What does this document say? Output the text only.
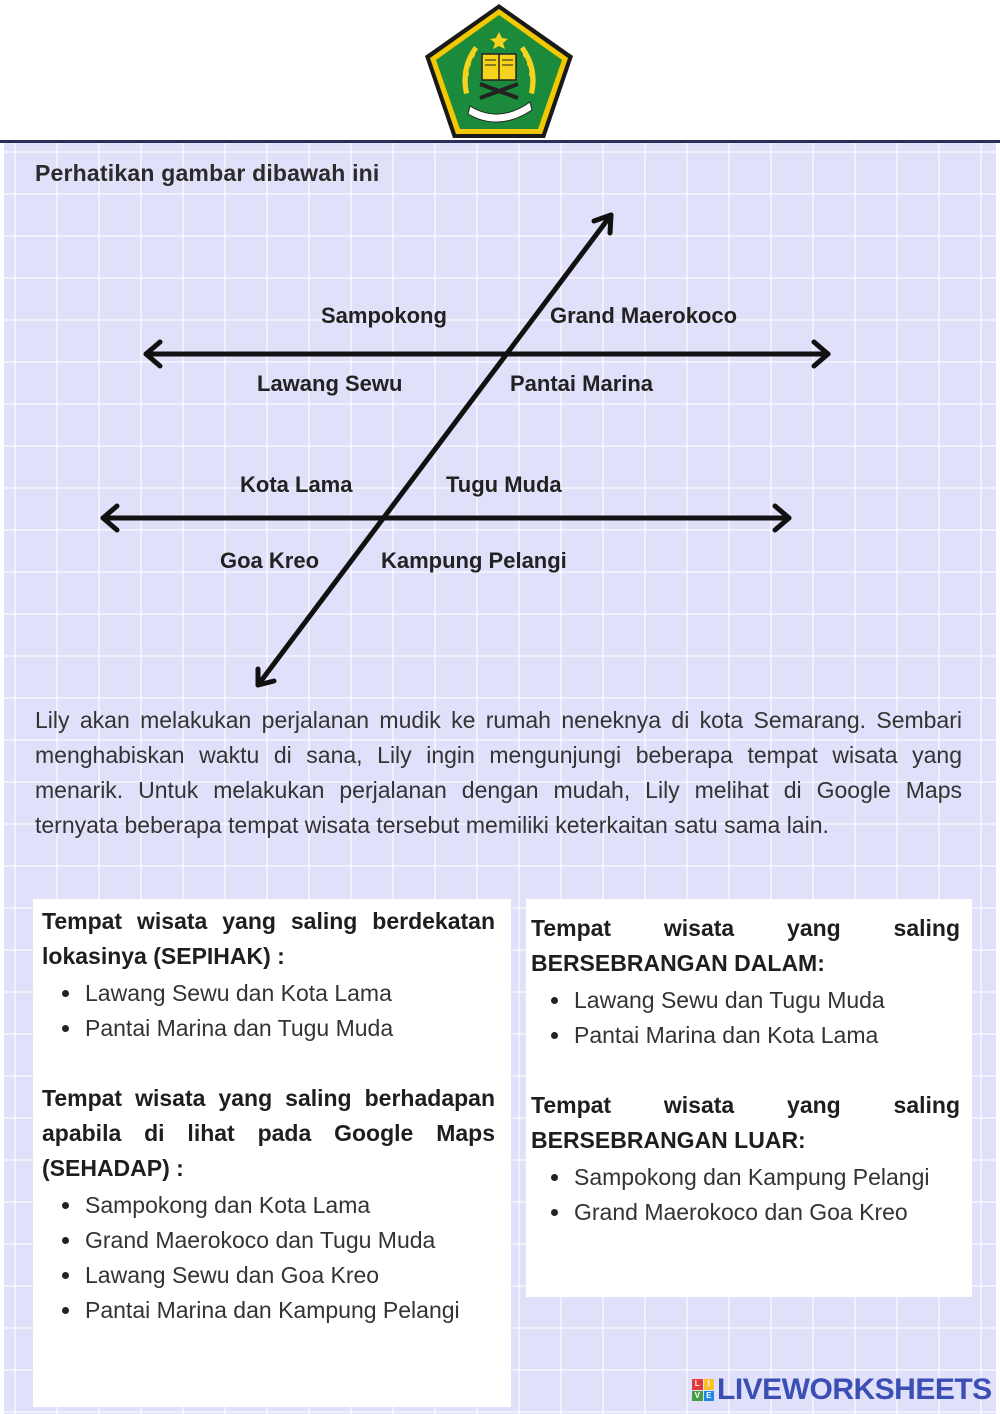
Perhatikan gambar dibawah ini
Sampokong	Grand Maerokoco
Lawang Sewu	Pantai Marina
Kota Lama	Tugu Muda
Goa Kreo	Kampung Pelangi

Lily akan melakukan perjalanan mudik ke rumah neneknya di kota Semarang. Sembari menghabiskan waktu di sana, Lily ingin mengunjungi beberapa tempat wisata yang menarik. Untuk melakukan perjalanan dengan mudah, Lily melihat di Google Maps ternyata beberapa tempat wisata tersebut memiliki keterkaitan satu sama lain.

Tempat wisata yang saling berdekatan lokasinya (SEPIHAK) :
Lawang Sewu dan Kota Lama
Pantai Marina dan Tugu Muda
Tempat wisata yang saling berhadapan apabila di lihat pada Google Maps (SEHADAP) :
Sampokong dan Kota Lama
Grand Maerokoco dan Tugu Muda
Lawang Sewu dan Goa Kreo
Pantai Marina dan Kampung Pelangi
Tempat wisata yang saling BERSEBRANGAN DALAM:
Lawang Sewu dan Tugu Muda
Pantai Marina dan Kota Lama
Tempat wisata yang saling BERSEBRANGAN LUAR:
Sampokong dan Kampung Pelangi
Grand Maerokoco dan Goa Kreo
L I
V E LIVEWORKSHEETS
